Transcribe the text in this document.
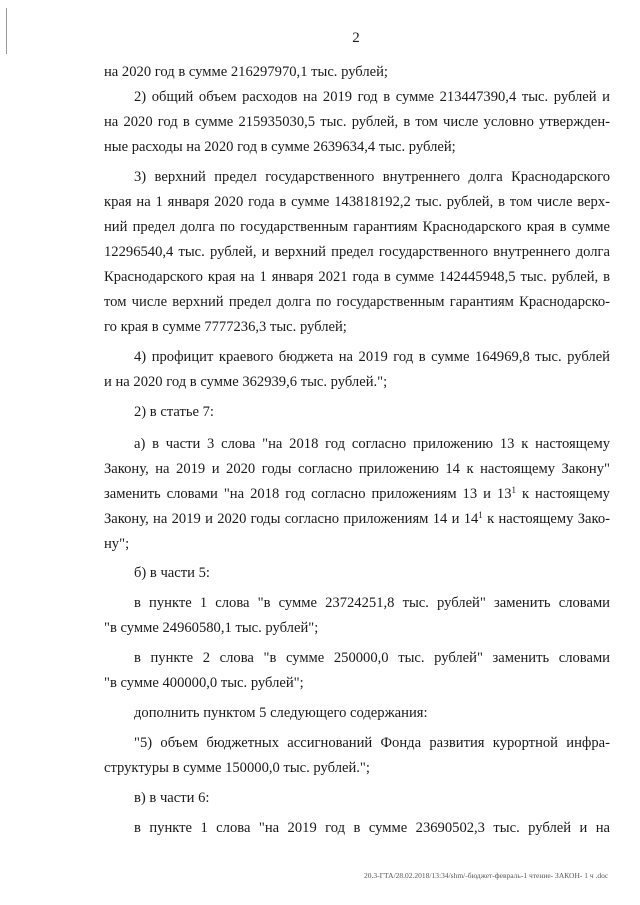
2
на 2020 год в сумме 216297970,1 тыс. рублей;
2) общий объем расходов на 2019 год в сумме 213447390,4 тыс. рублей и
на 2020 год в сумме 215935030,5 тыс. рублей, в том числе условно утвержден-
ные расходы на 2020 год в сумме 2639634,4 тыс. рублей;
3) верхний предел государственного внутреннего долга Краснодарского
края на 1 января 2020 года в сумме 143818192,2 тыс. рублей, в том числе верх-
ний предел долга по государственным гарантиям Краснодарского края в сумме
12296540,4 тыс. рублей, и верхний предел государственного внутреннего долга
Краснодарского края на 1 января 2021 года в сумме 142445948,5 тыс. рублей, в
том числе верхний предел долга по государственным гарантиям Краснодарско-
го края в сумме 7777236,3 тыс. рублей;
4) профицит краевого бюджета на 2019 год в сумме 164969,8 тыс. рублей
и на 2020 год в сумме 362939,6 тыс. рублей.";
2) в статье 7:
а) в части 3 слова "на 2018 год согласно приложению 13 к настоящему
Закону, на 2019 и 2020 годы согласно приложению 14 к настоящему Закону"
заменить словами "на 2018 год согласно приложениям 13 и $13^1$ к настоящему
Закону, на 2019 и 2020 годы согласно приложениям 14 и $14^1$ к настоящему Зако-
ну";
б) в части 5:
в пункте 1 слова "в сумме 23724251,8 тыс. рублей" заменить словами
"в сумме 24960580,1 тыс. рублей";
в пункте 2 слова "в сумме 250000,0 тыс. рублей" заменить словами
"в сумме 400000,0 тыс. рублей";
дополнить пунктом 5 следующего содержания:
"5) объем бюджетных ассигнований Фонда развития курортной инфра-
структуры в сумме 150000,0 тыс. рублей.";
в) в части 6:
в пункте 1 слова "на 2019 год в сумме 23690502,3 тыс. рублей и на
20.3-ГТА/28.02.2018/13:34/shm/-бюджет-февраль-1 чтение- ЗАКОН- 1 ч .doc
